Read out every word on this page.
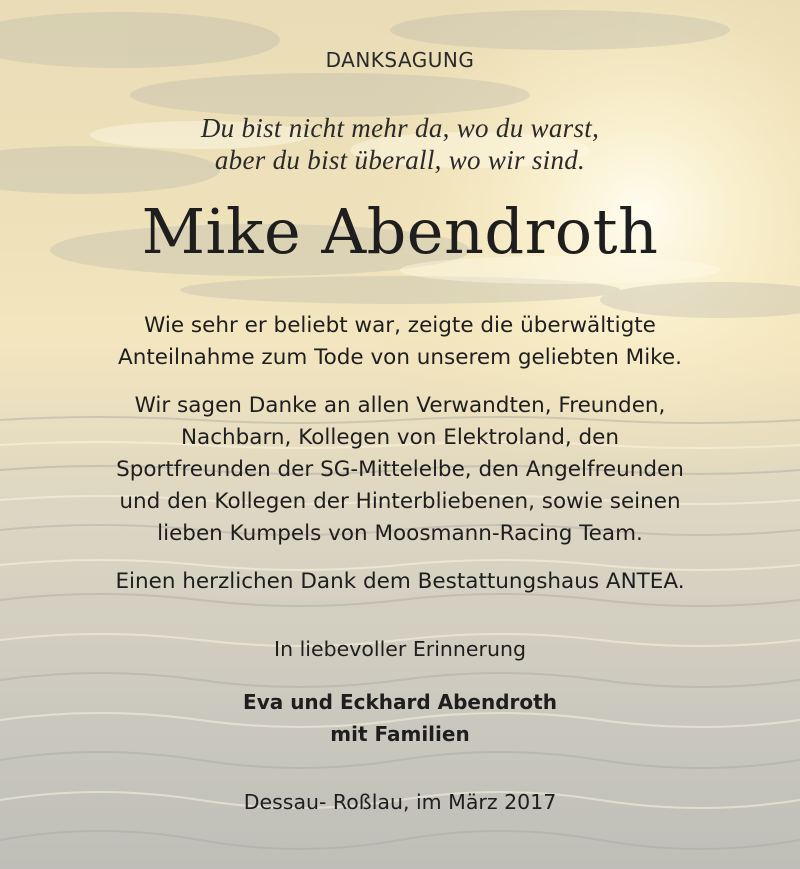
DANKSAGUNG
Du bist nicht mehr da, wo du warst,
aber du bist überall, wo wir sind.
Mike Abendroth
Wie sehr er beliebt war, zeigte die überwältigte
Anteilnahme zum Tode von unserem geliebten Mike.
Wir sagen Danke an allen Verwandten, Freunden,
Nachbarn, Kollegen von Elektroland, den
Sportfreunden der SG-Mittelelbe, den Angelfreunden
und den Kollegen der Hinterbliebenen, sowie seinen
lieben Kumpels von Moosmann-Racing Team.
Einen herzlichen Dank dem Bestattungshaus ANTEA.
In liebevoller Erinnerung
Eva und Eckhard Abendroth
mit Familien
Dessau- Roßlau, im März 2017
